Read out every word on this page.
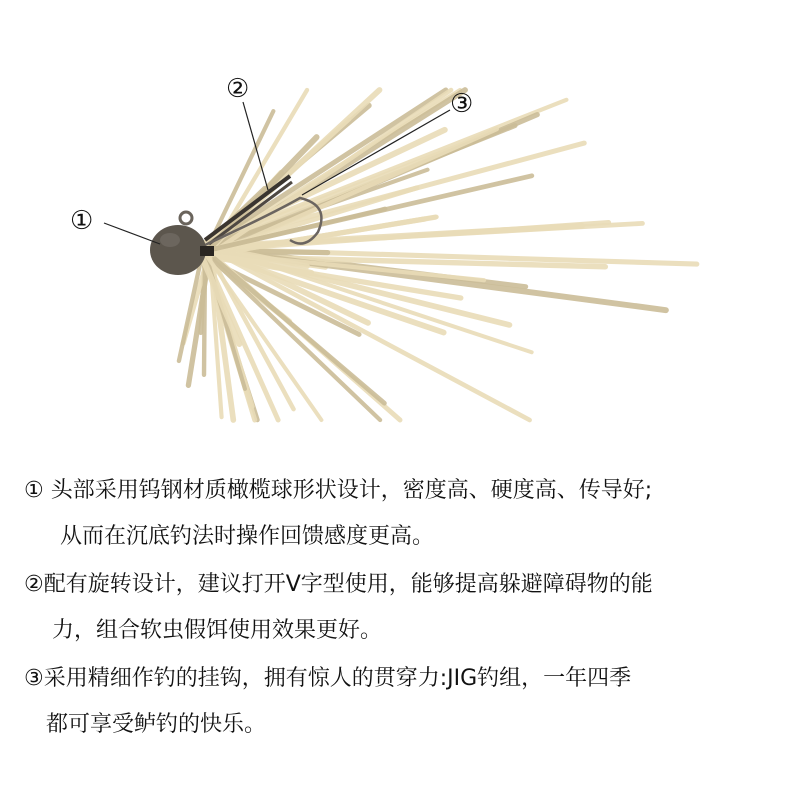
①
②	③
① 头部采用钨钢材质橄榄球形状设计，密度高、硬度高、传导好;
从而在沉底钓法时操作回馈感度更高。
②配有旋转设计，建议打开V字型使用，能够提高躲避障碍物的能
力，组合软虫假饵使用效果更好。
③采用精细作钓的挂钩，拥有惊人的贯穿力:JIG钓组，一年四季
都可享受鲈钓的快乐。
